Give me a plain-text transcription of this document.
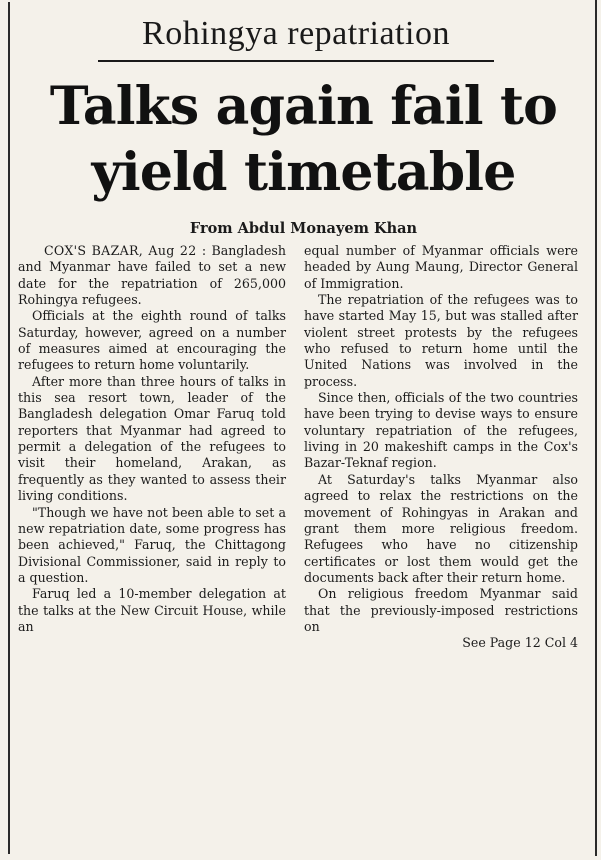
Rohingya repatriation
Talks again fail to yield timetable
From Abdul Monayem Khan

COX'S BAZAR, Aug 22 : Bangladesh and Myanmar have failed to set a new date for the repatriation of 265,000 Rohingya refugees.

Officials at the eighth round of talks Saturday, however, agreed on a number of measures aimed at encouraging the refugees to return home voluntarily.

After more than three hours of talks in this sea resort town, leader of the Bangladesh delegation Omar Faruq told reporters that Myanmar had agreed to permit a delegation of the refugees to visit their homeland, Arakan, as frequently as they wanted to assess their living conditions.

"Though we have not been able to set a new repatriation date, some progress has been achieved," Faruq, the Chittagong Divisional Commissioner, said in reply to a question.

Faruq led a 10-member delegation at the talks at the New Circuit House, while an

equal number of Myanmar officials were headed by Aung Maung, Director General of Immigration.

The repatriation of the refugees was to have started May 15, but was stalled after violent street protests by the refugees who refused to return home until the United Nations was involved in the process.

Since then, officials of the two countries have been trying to devise ways to ensure voluntary repatriation of the refugees, living in 20 makeshift camps in the Cox's Bazar-Teknaf region.

At Saturday's talks Myanmar also agreed to relax the restrictions on the movement of Rohingyas in Arakan and grant them more religious freedom. Refugees who have no citizenship certificates or lost them would get the documents back after their return home.

On religious freedom Myanmar said that the previously-imposed restrictions on

See Page 12 Col 4
